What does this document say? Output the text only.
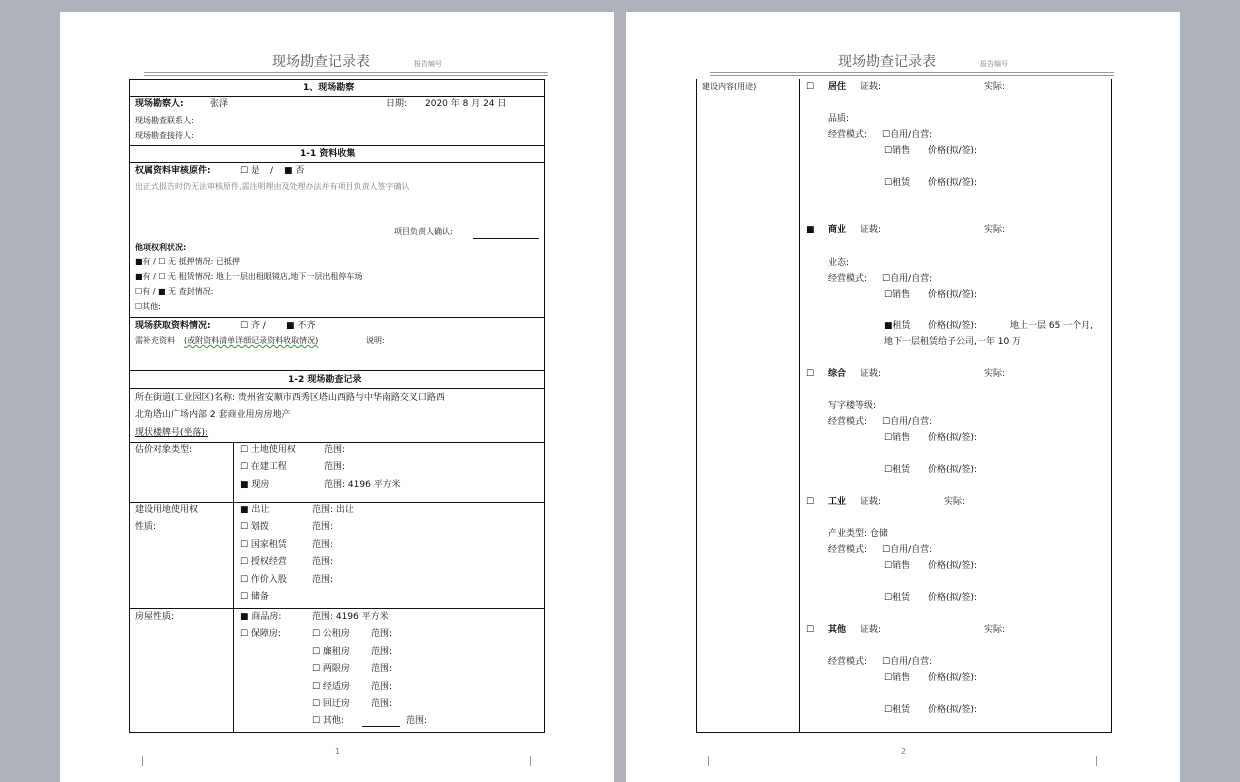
现场勘查记录表	报告编号
1、现场勘察
现场勘察人:	张泽	日期: 2020 年 8 月 24 日
现场勘查联系人:
现场勘查接待人:
1-1 资料收集
权属资料审核原件:	☐ 是 / ■ 否
出正式报告时仍无法审核原件,需注明理由及处理办法并有项目负责人签字确认
项目负责人确认:
他项权利状况:
■有 / ☐ 无 抵押情况: 已抵押
■有 / ☐ 无 租赁情况: 地上一层出租眼镜店,地下一层出租停车场
☐有 / ■ 无 查封情况:
☐其他:
现场获取资料情况:	☐ 齐 / ■ 不齐
需补充资料 (或附资料清单详细记录资料收取情况)	说明:
1-2 现场勘查记录
所在街道(工业园区)名称: 贵州省安顺市西秀区塔山西路与中华南路交叉口路西
北角塔山广场内部 2 套商业用房房地产
现状楼牌号(坐落):
估价对象类型:	☐ 土地使用权	范围:
☐ 在建工程	范围:
■ 现房	范围: 4196 平方米
建设用地使用权
性质:
■ 出让	范围: 出让
☐ 划拨	范围:
☐ 国家租赁	范围:
☐ 授权经营	范围:
☐ 作价入股	范围:
☐ 储备
房屋性质:	■ 商品房:	范围: 4196 平方米
☐ 保障房:	☐ 公租房 范围:
☐ 廉租房 范围:
☐ 两限房 范围:
☐ 经适房 范围:
☐ 回迁房 范围:
☐ 其他:	范围:
1
现场勘查记录表	报告编号
建设内容(用途)	☐ 居住 证载:	实际:
品质:
经营模式: ☐自用/自营:
☐销售 价格(拟/签):
☐租赁 价格(拟/签):
■ 商业 证载:	实际:
业态:
经营模式: ☐自用/自营:
☐销售 价格(拟/签):
■租赁 价格(拟/签):	地上一层 65 一个月,
地下一层租赁给子公司,一年 10 万
☐ 综合 证载:	实际:
写字楼等级:
经营模式: ☐自用/自营:
☐销售 价格(拟/签):
☐租赁 价格(拟/签):
☐ 工业 证载:	实际:
产业类型: 仓储
经营模式: ☐自用/自营:
☐销售 价格(拟/签):
☐租赁 价格(拟/签):
☐ 其他 证载:	实际:
经营模式: ☐自用/自营:
☐销售 价格(拟/签):
☐租赁 价格(拟/签):
2
